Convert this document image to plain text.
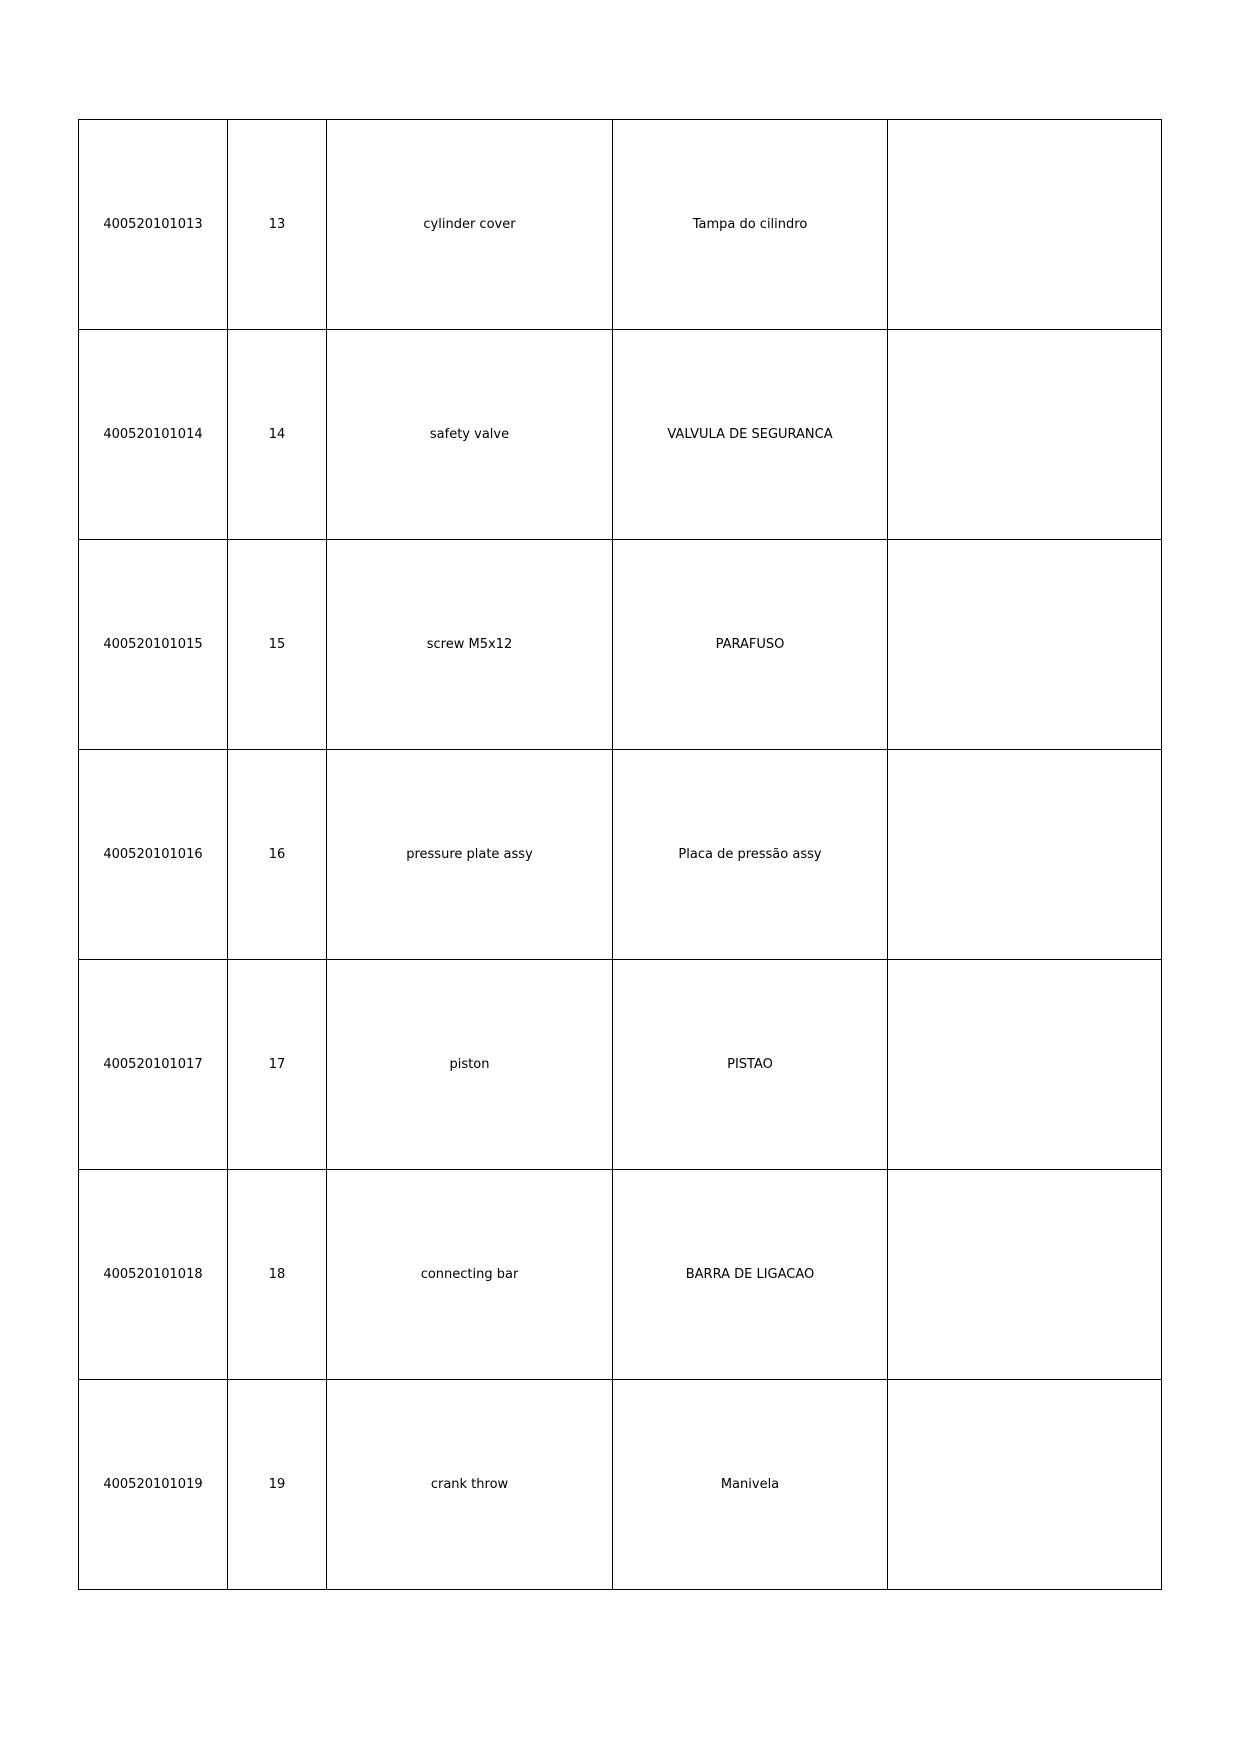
400520101013	13	cylinder cover	Tampa do cilindro	
400520101014	14	safety valve	VALVULA DE SEGURANCA	
400520101015	15	screw M5x12	PARAFUSO	
400520101016	16	pressure plate assy	Placa de pressão assy	
400520101017	17	piston	PISTAO	
400520101018	18	connecting bar	BARRA DE LIGACAO	
400520101019	19	crank throw	Manivela	
